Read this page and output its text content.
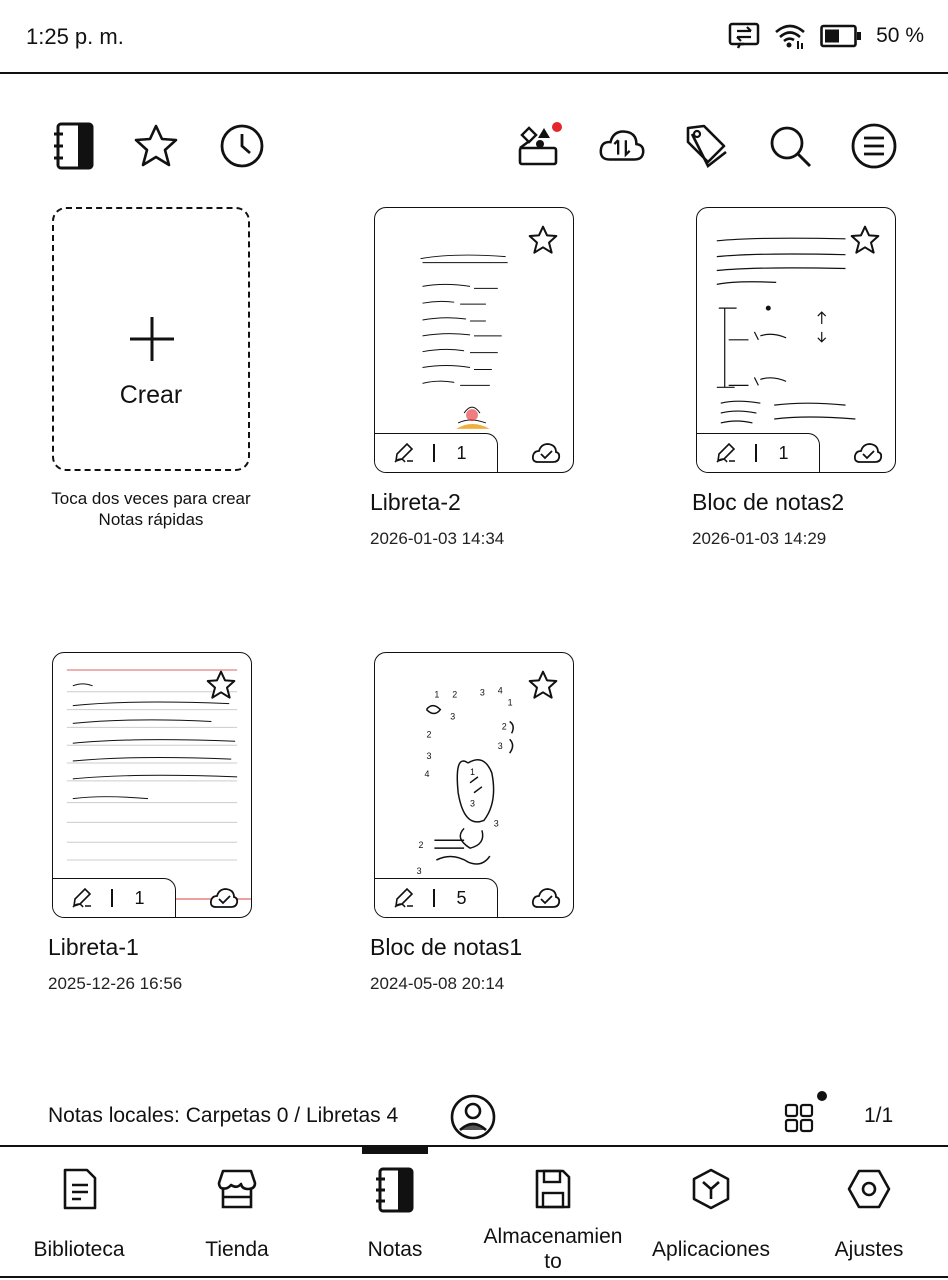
1:25 p. m.	50 %
Crear
Toca dos veces para crear
Notas rápidas
1
Libreta-2
2026-01-03 14:34
1
Bloc de notas2
2026-01-03 14:29
1
Libreta-1
2025-12-26 16:56
1 2	3 4
3
2
1
2
3
3
4	1
3
3
2
3
5
Bloc de notas1
2024-05-08 20:14
Notas locales: Carpetas 0 / Libretas 4	1/1
Biblioteca	Tienda	Notas
Almacenamien
to
Aplicaciones	Ajustes
